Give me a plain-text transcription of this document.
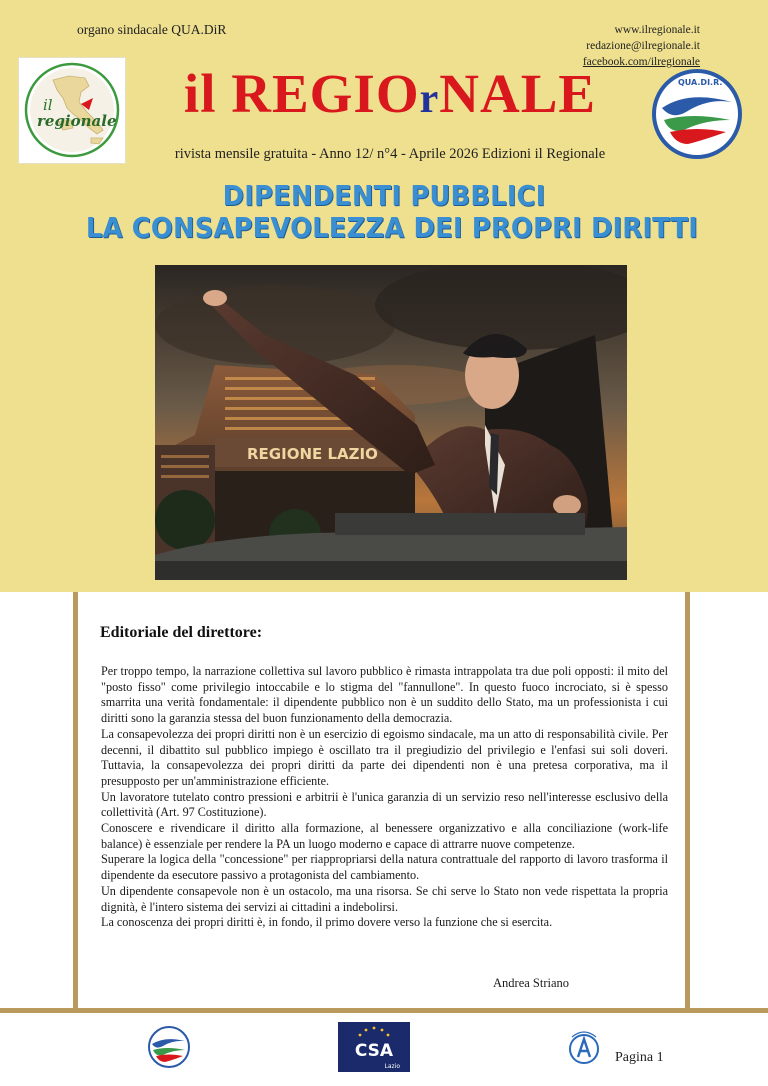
organo sindacale QUA.DiR	www.ilregionale.it
redazione@ilregionale.it
facebook.com/ilregionale
il
regionale	il REGIOrNALE	QUA.DI.R.
rivista mensile gratuita - Anno 12/ n°4 - Aprile 2026 Edizioni il Regionale
DIPENDENTI PUBBLICI
LA CONSAPEVOLEZZA DEI PROPRI DIRITTI
REGIONE LAZIO
Editoriale del direttore:

Per troppo tempo, la narrazione collettiva sul lavoro pubblico è rimasta intrappolata tra due poli opposti: il mito del "posto fisso" come privilegio intoccabile e lo stigma del "fannullone". In questo fuoco incrociato, si è spesso smarrita una verità fondamentale: il dipendente pubblico non è un suddito dello Stato, ma un professionista i cui diritti sono la garanzia stessa del buon funzionamento della democrazia.

La consapevolezza dei propri diritti non è un esercizio di egoismo sindacale, ma un atto di responsabilità civile. Per decenni, il dibattito sul pubblico impiego è oscillato tra il pregiudizio del privilegio e l'enfasi sui soli doveri. Tuttavia, la consapevolezza dei propri diritti da parte dei dipendenti non è una pretesa corporativa, ma il presupposto per un'amministrazione efficiente.

Un lavoratore tutelato contro pressioni e arbitrii è l'unica garanzia di un servizio reso nell'interesse esclusivo della collettività (Art. 97 Costituzione).

Conoscere e rivendicare il diritto alla formazione, al benessere organizzativo e alla conciliazione (work-life balance) è essenziale per rendere la PA un luogo moderno e capace di attrarre nuove competenze.

Superare la logica della "concessione" per riappropriarsi della natura contrattuale del rapporto di lavoro trasforma il dipendente da esecutore passivo a protagonista del cambiamento.

Un dipendente consapevole non è un ostacolo, ma una risorsa. Se chi serve lo Stato non vede rispettata la propria dignità, è l'intero sistema dei servizi ai cittadini a indebolirsi.

La conoscenza dei propri diritti è, in fondo, il primo dovere verso la funzione che si esercita.

Andrea Striano
CSA
Lazio
Pagina 1
